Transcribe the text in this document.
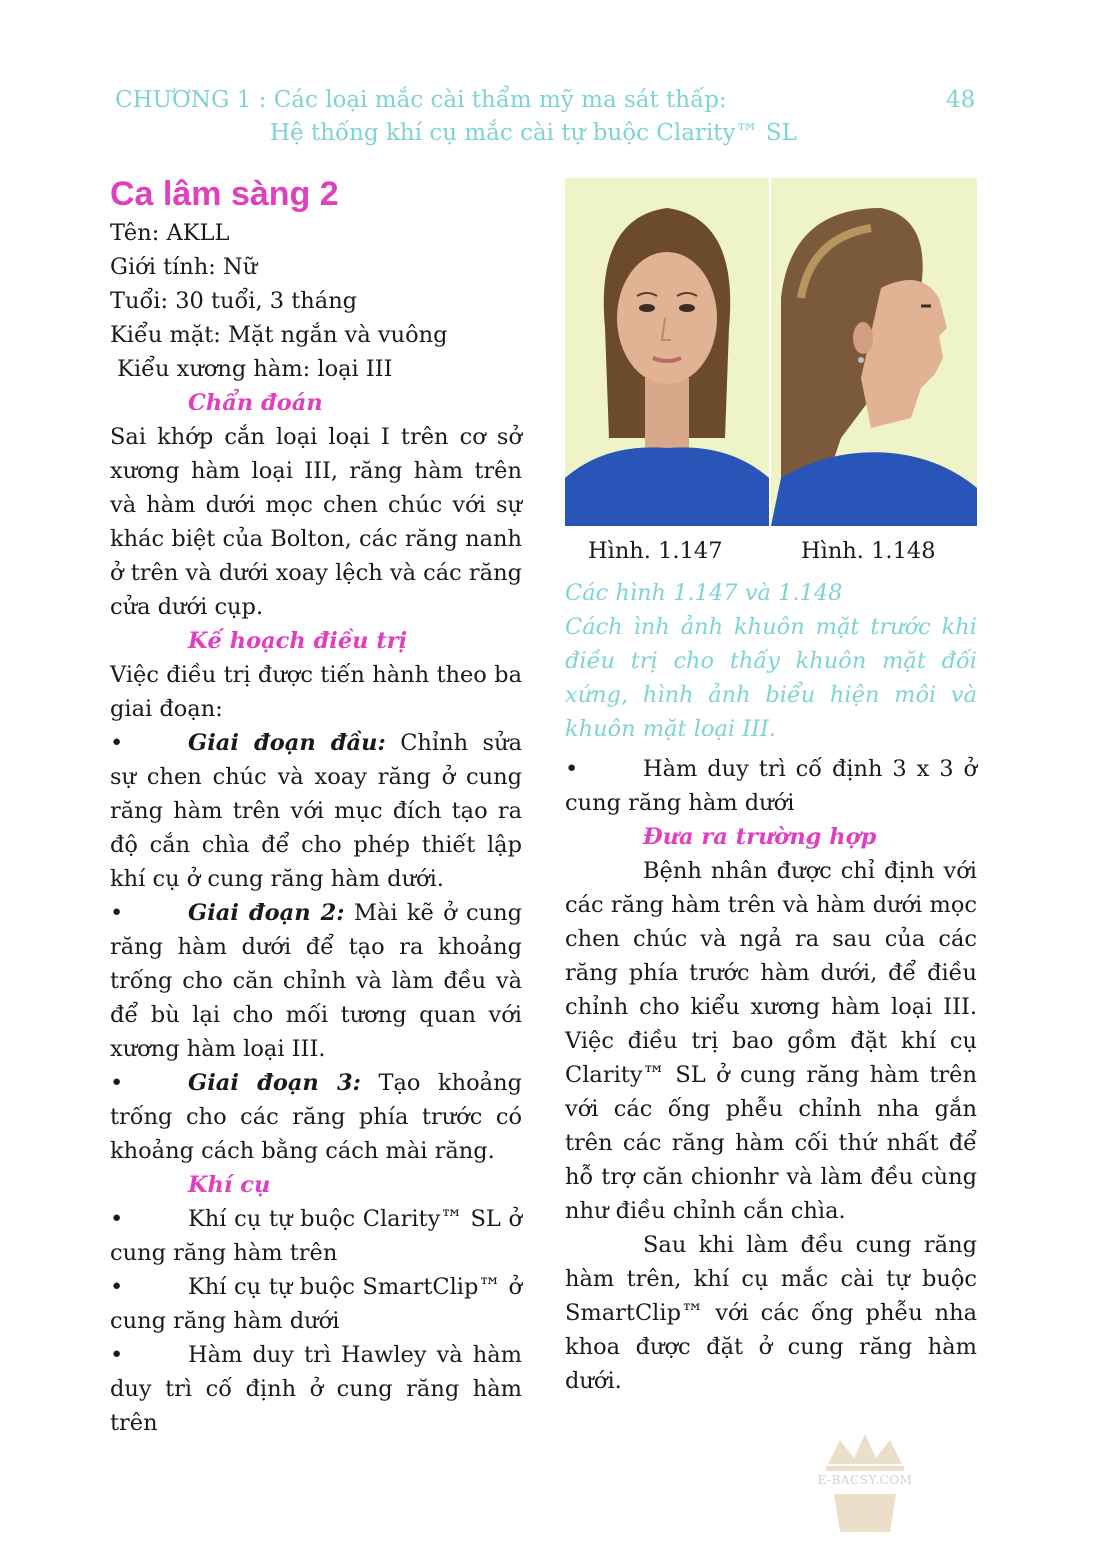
CHƯƠNG 1 : Các loại mắc cài thẩm mỹ ma sát thấp:
Hệ thống khí cụ mắc cài tự buộc Clarity™ SL
48
Ca lâm sàng 2
Tên: AKLL
Giới tính: Nữ
Tuổi: 30 tuổi, 3 tháng
Kiểu mặt: Mặt ngắn và vuông
Kiểu xương hàm: loại III
Chẩn đoán
Sai khớp cắn loại loại I trên cơ sở xương hàm loại III, răng hàm trên và hàm dưới mọc chen chúc với sự khác biệt của Bolton, các răng nanh ở trên và dưới xoay lệch và các răng cửa dưới cụp.
Kế hoạch điều trị
Việc điều trị được tiến hành theo ba giai đoạn:
•	Giai đoạn đầu: Chỉnh sửa sự chen chúc và xoay răng ở cung răng hàm trên với mục đích tạo ra độ cắn chìa để cho phép thiết lập khí cụ ở cung răng hàm dưới.
•	Giai đoạn 2: Mài kẽ ở cung răng hàm dưới để tạo ra khoảng trống cho căn chỉnh và làm đều và để bù lại cho mối tương quan với xương hàm loại III.
•	Giai đoạn 3: Tạo khoảng trống cho các răng phía trước có khoảng cách bằng cách mài răng.
Khí cụ
•	Khí cụ tự buộc Clarity™ SL ở cung răng hàm trên
•	Khí cụ tự buộc SmartClip™ ở cung răng hàm dưới
•	Hàm duy trì Hawley và hàm duy trì cố định ở cung răng hàm trên
Hình. 1.147	Hình. 1.148
Các hình 1.147 và 1.148
Cách ình ảnh khuôn mặt trước khi điều trị cho thấy khuôn mặt đối xứng, hình ảnh biểu hiện môi và khuôn mặt loại III.
•	Hàm duy trì cố định 3 x 3 ở cung răng hàm dưới
Đưa ra trường hợp
Bệnh nhân được chỉ định với các răng hàm trên và hàm dưới mọc chen chúc và ngả ra sau của các răng phía trước hàm dưới, để điều chỉnh cho kiểu xương hàm loại III. Việc điều trị bao gồm đặt khí cụ Clarity™ SL ở cung răng hàm trên với các ống phễu chỉnh nha gắn trên các răng hàm cối thứ nhất để hỗ trợ căn chionhr và làm đều cùng như điều chỉnh cắn chìa.
Sau khi làm đều cung răng hàm trên, khí cụ mắc cài tự buộc SmartClip™ với các ống phễu nha khoa được đặt ở cung răng hàm dưới.
E-BACSY.COM
